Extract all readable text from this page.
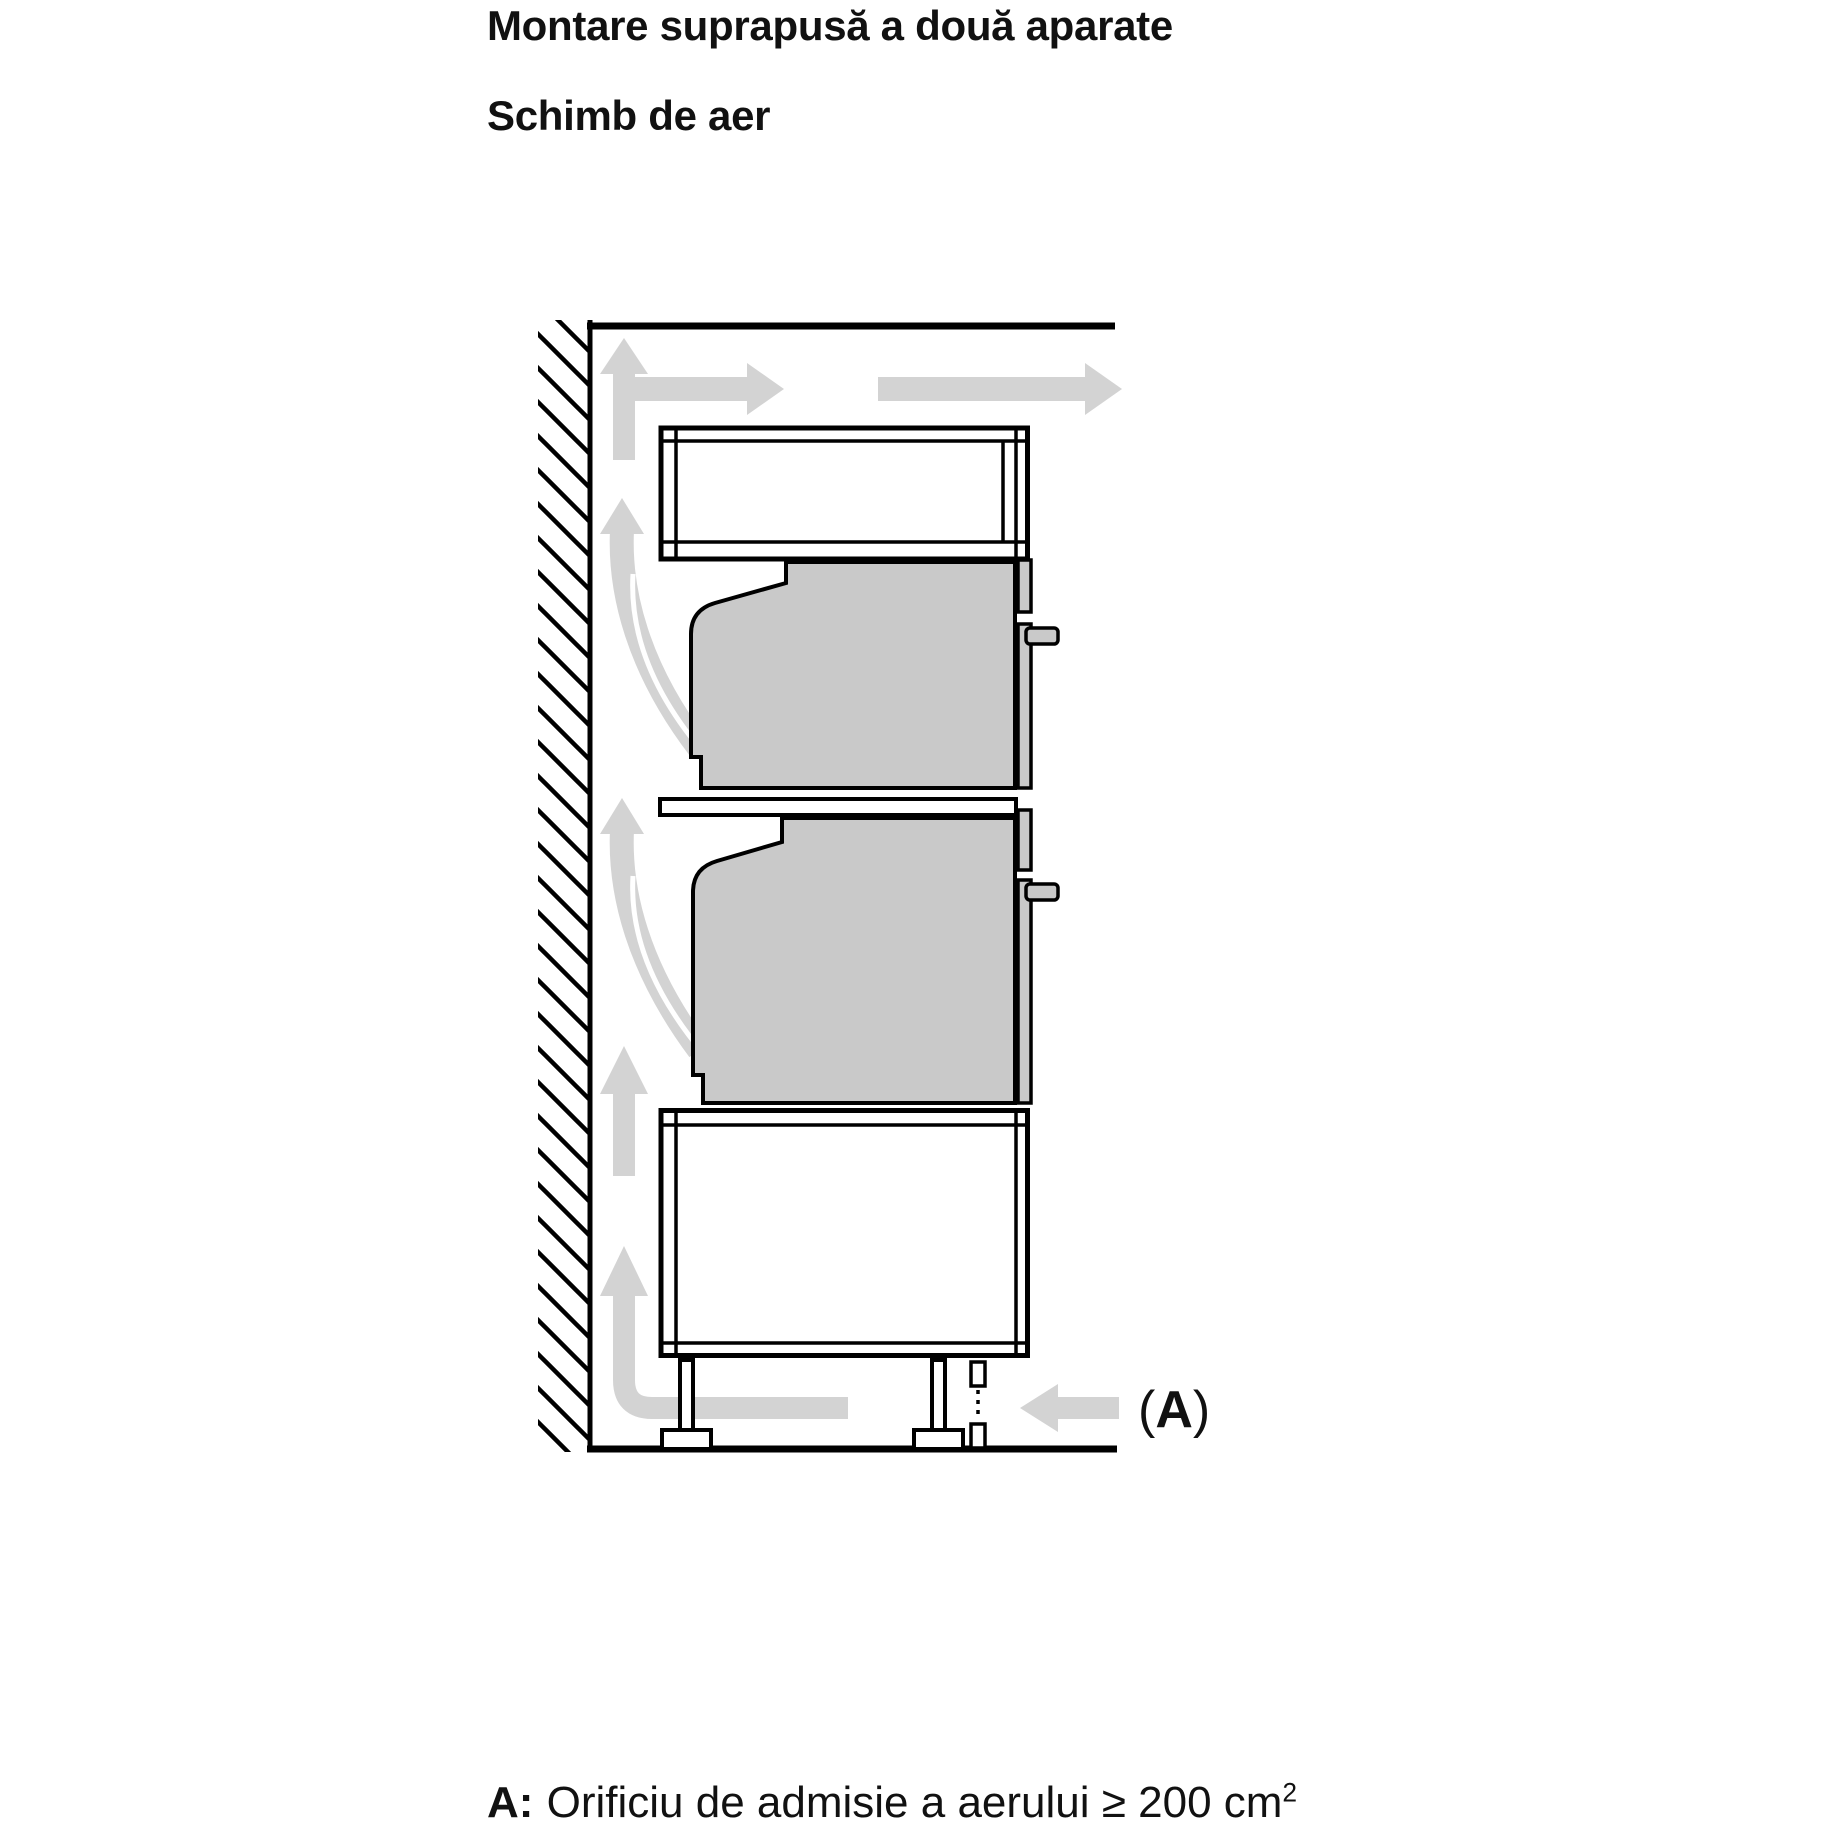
Montare suprapusă a două aparate
Schimb de aer
(A)
A: Orificiu de admisie a aerului ≥ 200 $cm^2$
